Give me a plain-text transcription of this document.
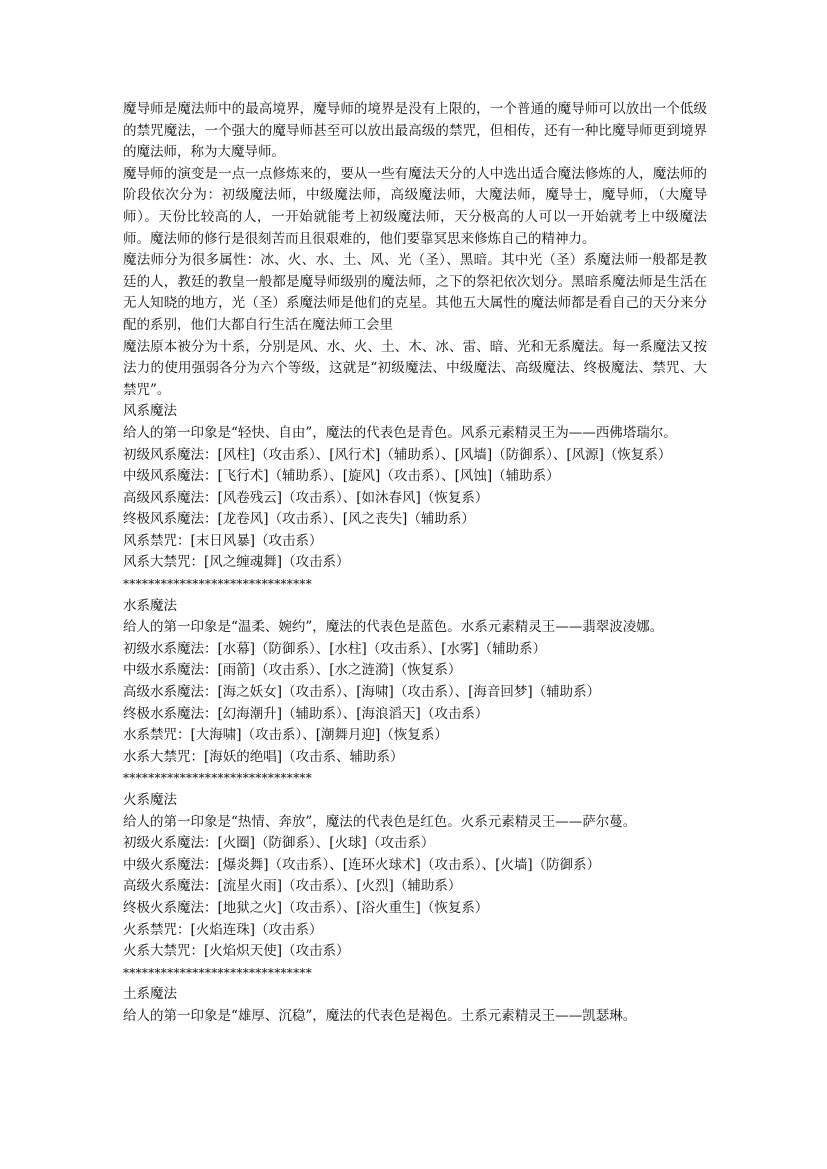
魔导师是魔法师中的最高境界，魔导师的境界是没有上限的，一个普通的魔导师可以放出一个低级的禁咒魔法，一个强大的魔导师甚至可以放出最高级的禁咒，但相传，还有一种比魔导师更到境界的魔法师，称为大魔导师。

魔导师的演变是一点一点修炼来的，要从一些有魔法天分的人中选出适合魔法修炼的人，魔法师的阶段依次分为：初级魔法师，中级魔法师，高级魔法师，大魔法师，魔导士，魔导师，（大魔导师）。天份比较高的人，一开始就能考上初级魔法师，天分极高的人可以一开始就考上中级魔法师。魔法师的修行是很刻苦而且很艰难的，他们要靠冥思来修炼自己的精神力。

魔法师分为很多属性：冰、火、水、土、风、光（圣）、黑暗。其中光（圣）系魔法师一般都是教廷的人，教廷的教皇一般都是魔导师级别的魔法师，之下的祭祀依次划分。黑暗系魔法师是生活在无人知晓的地方，光（圣）系魔法师是他们的克星。其他五大属性的魔法师都是看自己的天分来分配的系别，他们大都自行生活在魔法师工会里

魔法原本被分为十系，分别是风、水、火、土、木、冰、雷、暗、光和无系魔法。每一系魔法又按法力的使用强弱各分为六个等级，这就是“初级魔法、中级魔法、高级魔法、终极魔法、禁咒、大禁咒”。

风系魔法

给人的第一印象是“轻快、自由”，魔法的代表色是青色。风系元素精灵王为——西佛塔瑞尔。

初级风系魔法：[风柱]（攻击系）、[风行术]（辅助系）、[风墙]（防御系）、[风源]（恢复系）

中级风系魔法：[飞行术]（辅助系）、[旋风]（攻击系）、[风蚀]（辅助系）

高级风系魔法：[风卷残云]（攻击系）、[如沐春风]（恢复系）

终极风系魔法：[龙卷风]（攻击系）、[风之丧失]（辅助系）

风系禁咒：[末日风暴]（攻击系）

风系大禁咒：[风之缠魂舞]（攻击系）

******************************

水系魔法

给人的第一印象是“温柔、婉约”，魔法的代表色是蓝色。水系元素精灵王——翡翠波凌娜。

初级水系魔法：[水幕]（防御系）、[水柱]（攻击系）、[水雾]（辅助系）

中级水系魔法：[雨箭]（攻击系）、[水之涟漪]（恢复系）

高级水系魔法：[海之妖女]（攻击系）、[海啸]（攻击系）、[海音回梦]（辅助系）

终极水系魔法：[幻海潮升]（辅助系）、[海浪滔天]（攻击系）

水系禁咒：[大海啸]（攻击系）、[潮舞月迎]（恢复系）

水系大禁咒：[海妖的绝唱]（攻击系、辅助系）

******************************

火系魔法

给人的第一印象是“热情、奔放”，魔法的代表色是红色。火系元素精灵王——萨尔蔓。

初级火系魔法：[火圈]（防御系）、[火球]（攻击系）

中级火系魔法：[爆炎舞]（攻击系）、[连环火球术]（攻击系）、[火墙]（防御系）

高级火系魔法：[流星火雨]（攻击系）、[火烈]（辅助系）

终极火系魔法：[地狱之火]（攻击系）、[浴火重生]（恢复系）

火系禁咒：[火焰连珠]（攻击系）

火系大禁咒：[火焰炽天使]（攻击系）

******************************

土系魔法

给人的第一印象是“雄厚、沉稳”，魔法的代表色是褐色。土系元素精灵王——凯瑟琳。
